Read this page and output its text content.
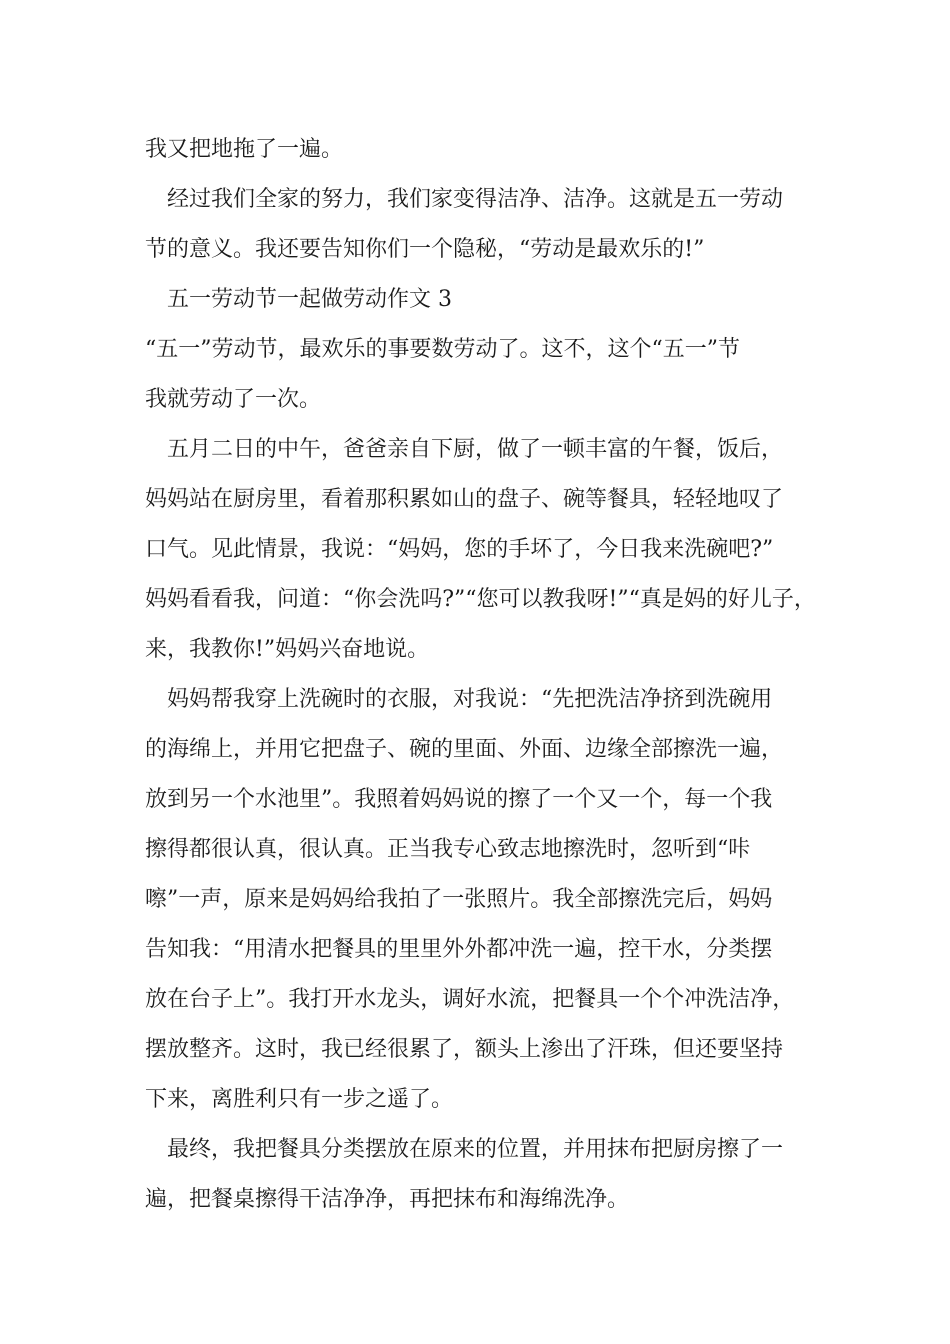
我又把地拖了一遍。
经过我们全家的努力，我们家变得洁净、洁净。这就是五一劳动
节的意义。我还要告知你们一个隐秘，“劳动是最欢乐的!”
五一劳动节一起做劳动作文 3
“五一”劳动节，最欢乐的事要数劳动了。这不，这个“五一”节
我就劳动了一次。
五月二日的中午，爸爸亲自下厨，做了一顿丰富的午餐，饭后，
妈妈站在厨房里，看着那积累如山的盘子、碗等餐具，轻轻地叹了
口气。见此情景，我说：“妈妈，您的手坏了，今日我来洗碗吧?”
妈妈看看我，问道：“你会洗吗?”“您可以教我呀!”“真是妈的好儿子，
来，我教你!”妈妈兴奋地说。
妈妈帮我穿上洗碗时的衣服，对我说：“先把洗洁净挤到洗碗用
的海绵上，并用它把盘子、碗的里面、外面、边缘全部擦洗一遍，
放到另一个水池里”。我照着妈妈说的擦了一个又一个，每一个我
擦得都很认真，很认真。正当我专心致志地擦洗时，忽听到“咔
嚓”一声，原来是妈妈给我拍了一张照片。我全部擦洗完后，妈妈
告知我：“用清水把餐具的里里外外都冲洗一遍，控干水，分类摆
放在台子上”。我打开水龙头，调好水流，把餐具一个个冲洗洁净，
摆放整齐。这时，我已经很累了，额头上渗出了汗珠，但还要坚持
下来，离胜利只有一步之遥了。
最终，我把餐具分类摆放在原来的位置，并用抹布把厨房擦了一
遍，把餐桌擦得干洁净净，再把抹布和海绵洗净。
